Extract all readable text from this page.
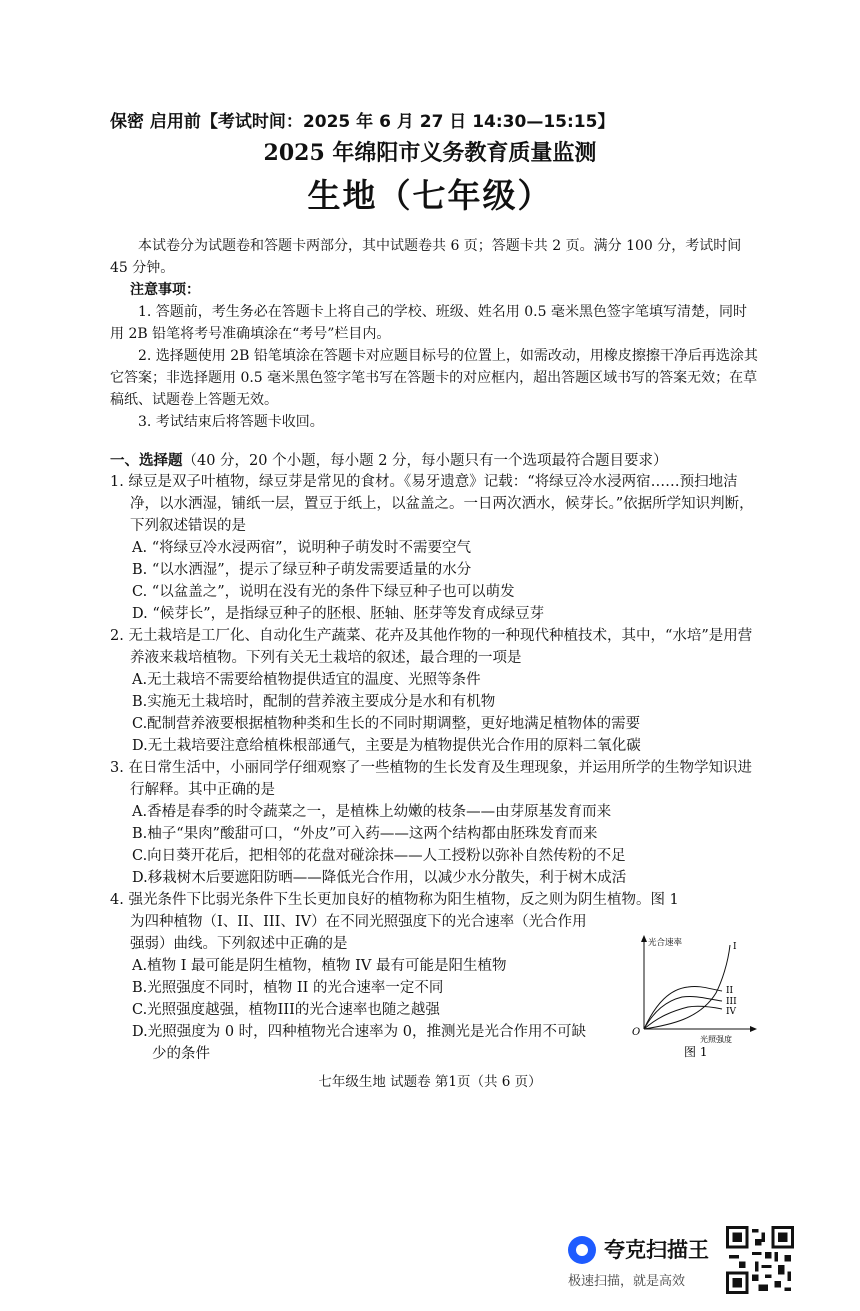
保密 启用前【考试时间：2025 年 6 月 27 日 14:30—15:15】
2025 年绵阳市义务教育质量监测
生地（七年级）

本试卷分为试题卷和答题卡两部分，其中试题卷共 6 页；答题卡共 2 页。满分 100 分，考试时间 45 分钟。

注意事项：

1. 答题前，考生务必在答题卡上将自己的学校、班级、姓名用 0.5 毫米黑色签字笔填写清楚，同时用 2B 铅笔将考号准确填涂在“考号”栏目内。

2. 选择题使用 2B 铅笔填涂在答题卡对应题目标号的位置上，如需改动，用橡皮擦擦干净后再选涂其它答案；非选择题用 0.5 毫米黑色签字笔书写在答题卡的对应框内，超出答题区域书写的答案无效；在草稿纸、试题卷上答题无效。

3. 考试结束后将答题卡收回。

一、选择题（40 分，20 个小题，每小题 2 分，每小题只有一个选项最符合题目要求）

1. 绿豆是双子叶植物，绿豆芽是常见的食材。《易牙遗意》记载：“将绿豆冷水浸两宿……预扫地洁净，以水洒湿，铺纸一层，置豆于纸上，以盆盖之。一日两次洒水，候芽长。”依据所学知识判断，下列叙述错误的是

A. “将绿豆冷水浸两宿”，说明种子萌发时不需要空气

B. “以水洒湿”，提示了绿豆种子萌发需要适量的水分

C. “以盆盖之”，说明在没有光的条件下绿豆种子也可以萌发

D. “候芽长”，是指绿豆种子的胚根、胚轴、胚芽等发育成绿豆芽

2. 无土栽培是工厂化、自动化生产蔬菜、花卉及其他作物的一种现代种植技术，其中，“水培”是用营养液来栽培植物。下列有关无土栽培的叙述，最合理的一项是

A.无土栽培不需要给植物提供适宜的温度、光照等条件

B.实施无土栽培时，配制的营养液主要成分是水和有机物

C.配制营养液要根据植物种类和生长的不同时期调整，更好地满足植物体的需要

D.无土栽培要注意给植株根部通气，主要是为植物提供光合作用的原料二氧化碳

3. 在日常生活中，小丽同学仔细观察了一些植物的生长发育及生理现象，并运用所学的生物学知识进行解释。其中正确的是

A.香椿是春季的时令蔬菜之一，是植株上幼嫩的枝条——由芽原基发育而来

B.柚子“果肉”酸甜可口，“外皮”可入药——这两个结构都由胚珠发育而来

C.向日葵开花后，把相邻的花盘对碰涂抹——人工授粉以弥补自然传粉的不足

D.移栽树木后要遮阳防晒——降低光合作用，以减少水分散失，利于树木成活

4. 强光条件下比弱光条件下生长更加良好的植物称为阳生植物，反之则为阴生植物。图 1

为四种植物（I、II、III、IV）在不同光照强度下的光合速率（光合作用强弱）曲线。下列叙述中正确的是

A.植物 I 最可能是阴生植物，植物 IV 最有可能是阳生植物

B.光照强度不同时，植物 II 的光合速率一定不同

C.光照强度越强，植物III的光合速率也随之越强

D.光照强度为 0 时，四种植物光合速率为 0，推测光是光合作用不可缺少的条件

光合速率
光照强度
O
I
II
III
IV
图 1
七年级生地 试题卷 第1页（共 6 页）
夸克扫描王
极速扫描，就是高效
